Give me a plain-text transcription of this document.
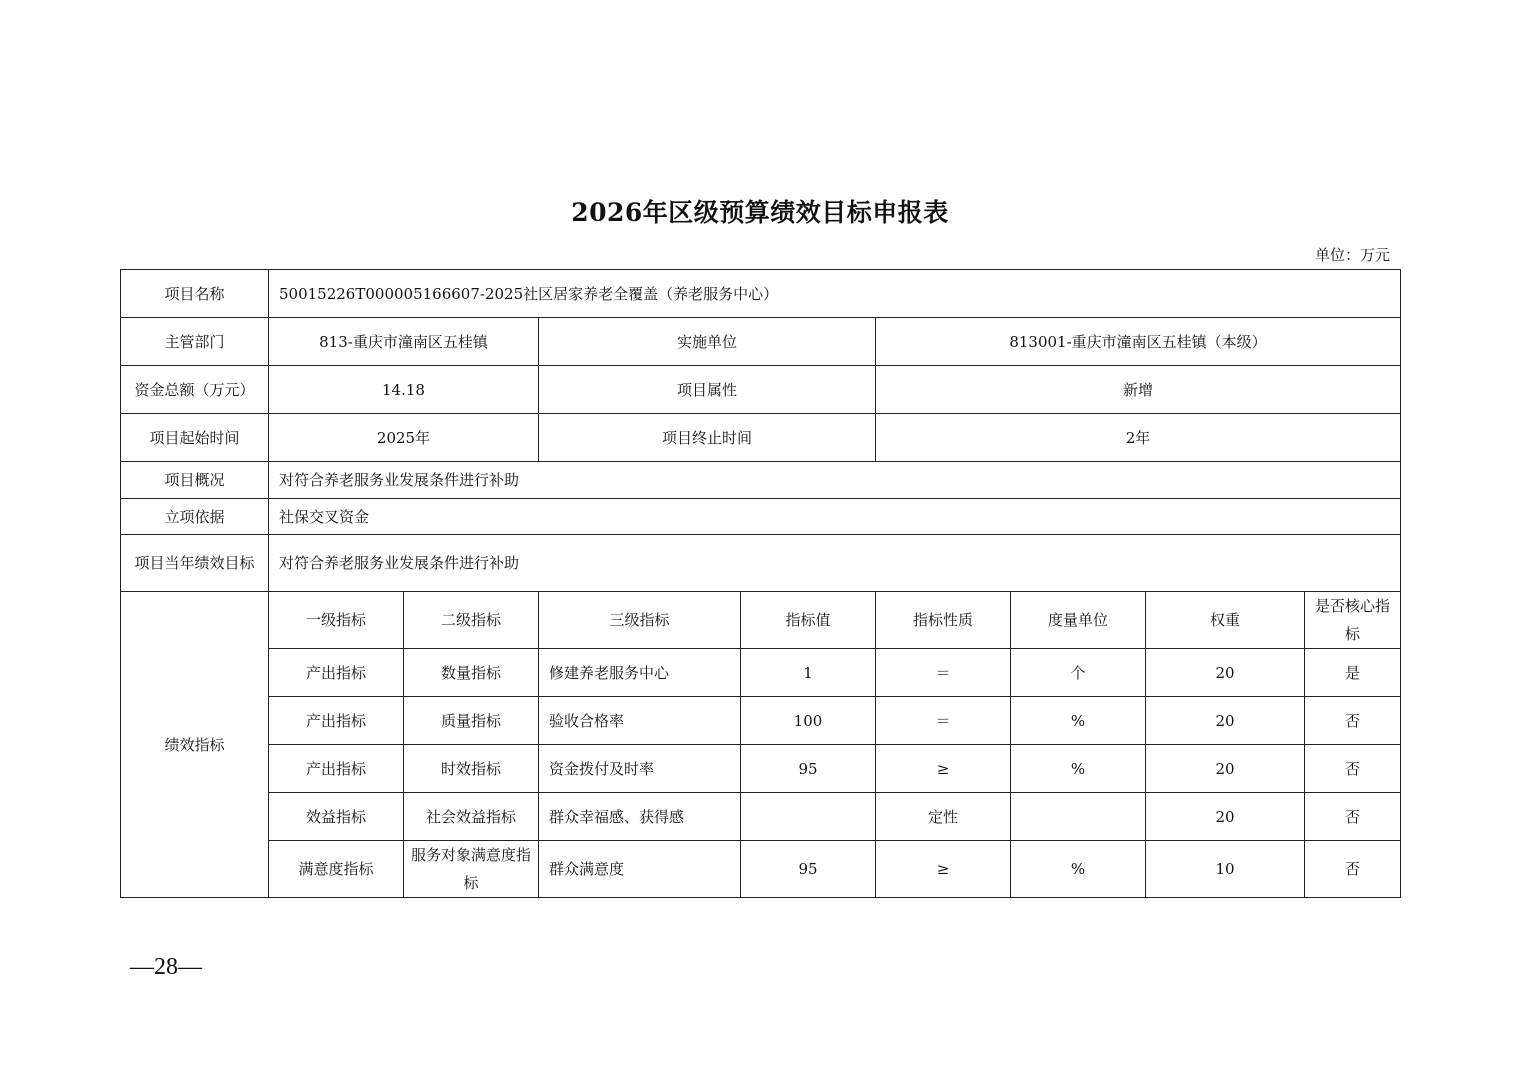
2026年区级预算绩效目标申报表
单位：万元
项目名称	50015226T000005166607-2025社区居家养老全覆盖（养老服务中心）							
主管部门	813-重庆市潼南区五桂镇		实施单位		813001-重庆市潼南区五桂镇（本级）			
资金总额（万元）	14.18		项目属性		新增			
项目起始时间	2025年		项目终止时间		2年			
项目概况	对符合养老服务业发展条件进行补助							
立项依据	社保交叉资金							
项目当年绩效目标	对符合养老服务业发展条件进行补助							
绩效指标	一级指标	二级指标	三级指标	指标值	指标性质	度量单位	权重	是否核心指标
	产出指标	数量指标	修建养老服务中心	1	＝	个	20	是
	产出指标	质量指标	验收合格率	100	＝	%	20	否
	产出指标	时效指标	资金拨付及时率	95	≥	%	20	否
	效益指标	社会效益指标	群众幸福感、获得感		定性		20	否
	满意度指标	服务对象满意度指标	群众满意度	95	≥	%	10	否
—28—
